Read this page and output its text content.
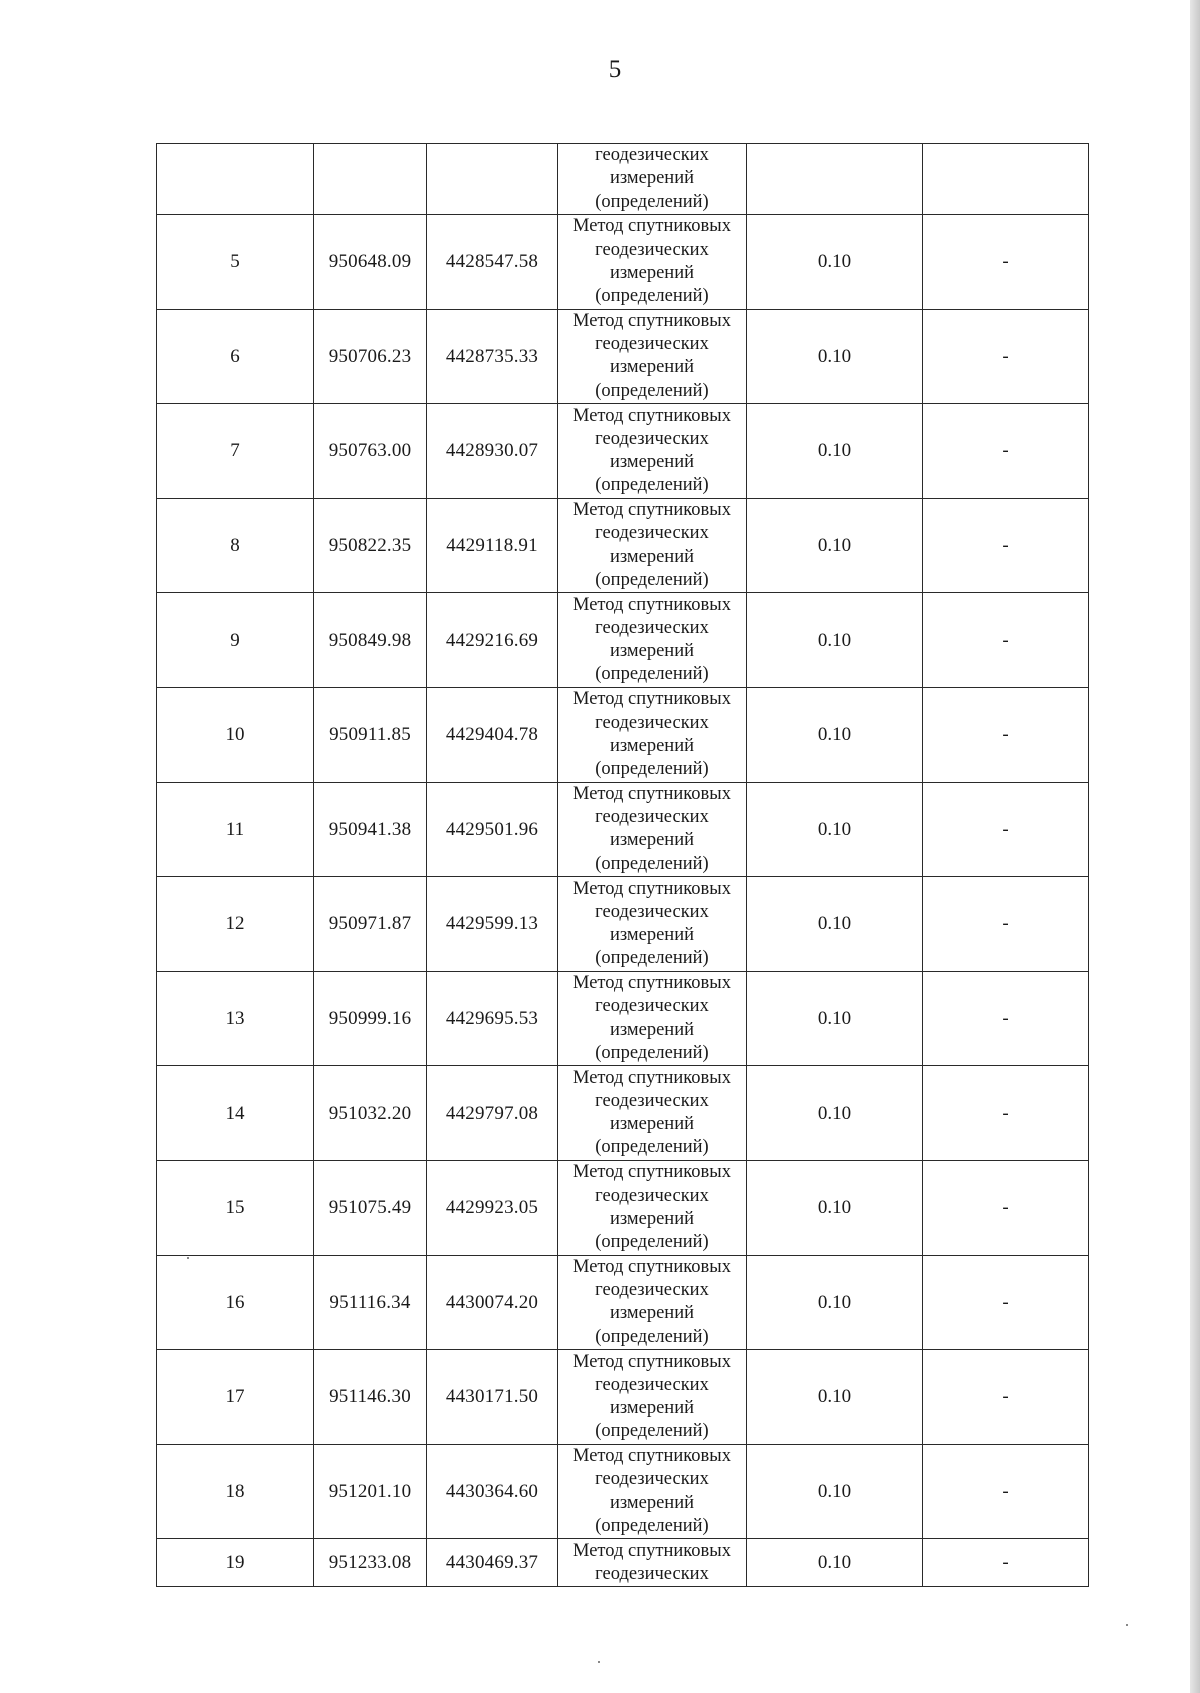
5

			геодезических измерений (определений)		

5	950648.09	4428547.58	Метод спутниковых геодезических измерений (определений)	0.10	-
6	950706.23	4428735.33	Метод спутниковых геодезических измерений (определений)	0.10	-
7	950763.00	4428930.07	Метод спутниковых геодезических измерений (определений)	0.10	-
8	950822.35	4429118.91	Метод спутниковых геодезических измерений (определений)	0.10	-
9	950849.98	4429216.69	Метод спутниковых геодезических измерений (определений)	0.10	-
10	950911.85	4429404.78	Метод спутниковых геодезических измерений (определений)	0.10	-
11	950941.38	4429501.96	Метод спутниковых геодезических измерений (определений)	0.10	-
12	950971.87	4429599.13	Метод спутниковых геодезических измерений (определений)	0.10	-
13	950999.16	4429695.53	Метод спутниковых геодезических измерений (определений)	0.10	-
14	951032.20	4429797.08	Метод спутниковых геодезических измерений (определений)	0.10	-
15	951075.49	4429923.05	Метод спутниковых геодезических измерений (определений)	0.10	-
16	951116.34	4430074.20	Метод спутниковых геодезических измерений (определений)	0.10	-
17	951146.30	4430171.50	Метод спутниковых геодезических измерений (определений)	0.10	-
18	951201.10	4430364.60	Метод спутниковых геодезических измерений (определений)	0.10	-
19	951233.08	4430469.37	Метод спутниковых геодезических	0.10	-
